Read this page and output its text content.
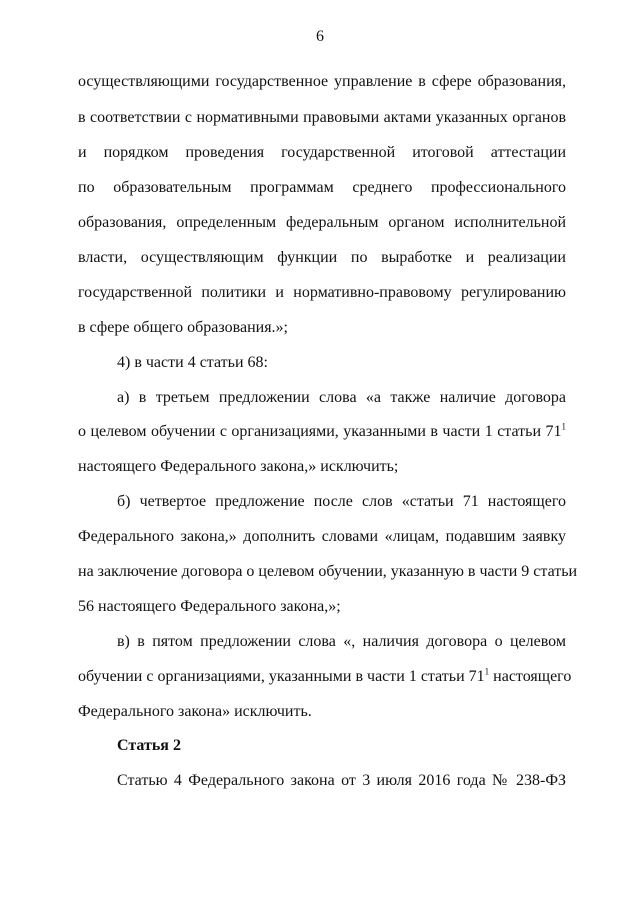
6
осуществляющими государственное управление в сфере образования,
в соответствии с нормативными правовыми актами указанных органов
и порядком проведения государственной итоговой аттестации
по образовательным программам среднего профессионального
образования, определенным федеральным органом исполнительной
власти, осуществляющим функции по выработке и реализации
государственной политики и нормативно-правовому регулированию
в сфере общего образования.»;
4) в части 4 статьи 68:
а) в третьем предложении слова «а также наличие договора
о целевом обучении с организациями, указанными в части 1 статьи $71^1$
настоящего Федерального закона,» исключить;
б) четвертое предложение после слов «статьи 71 настоящего
Федерального закона,» дополнить словами «лицам, подавшим заявку
на заключение договора о целевом обучении, указанную в части 9 статьи
56 настоящего Федерального закона,»;
в) в пятом предложении слова «, наличия договора о целевом
обучении с организациями, указанными в части 1 статьи $71^1$ настоящего
Федерального закона» исключить.
Статья 2
Статью 4 Федерального закона от 3 июля 2016 года № 238-ФЗ
